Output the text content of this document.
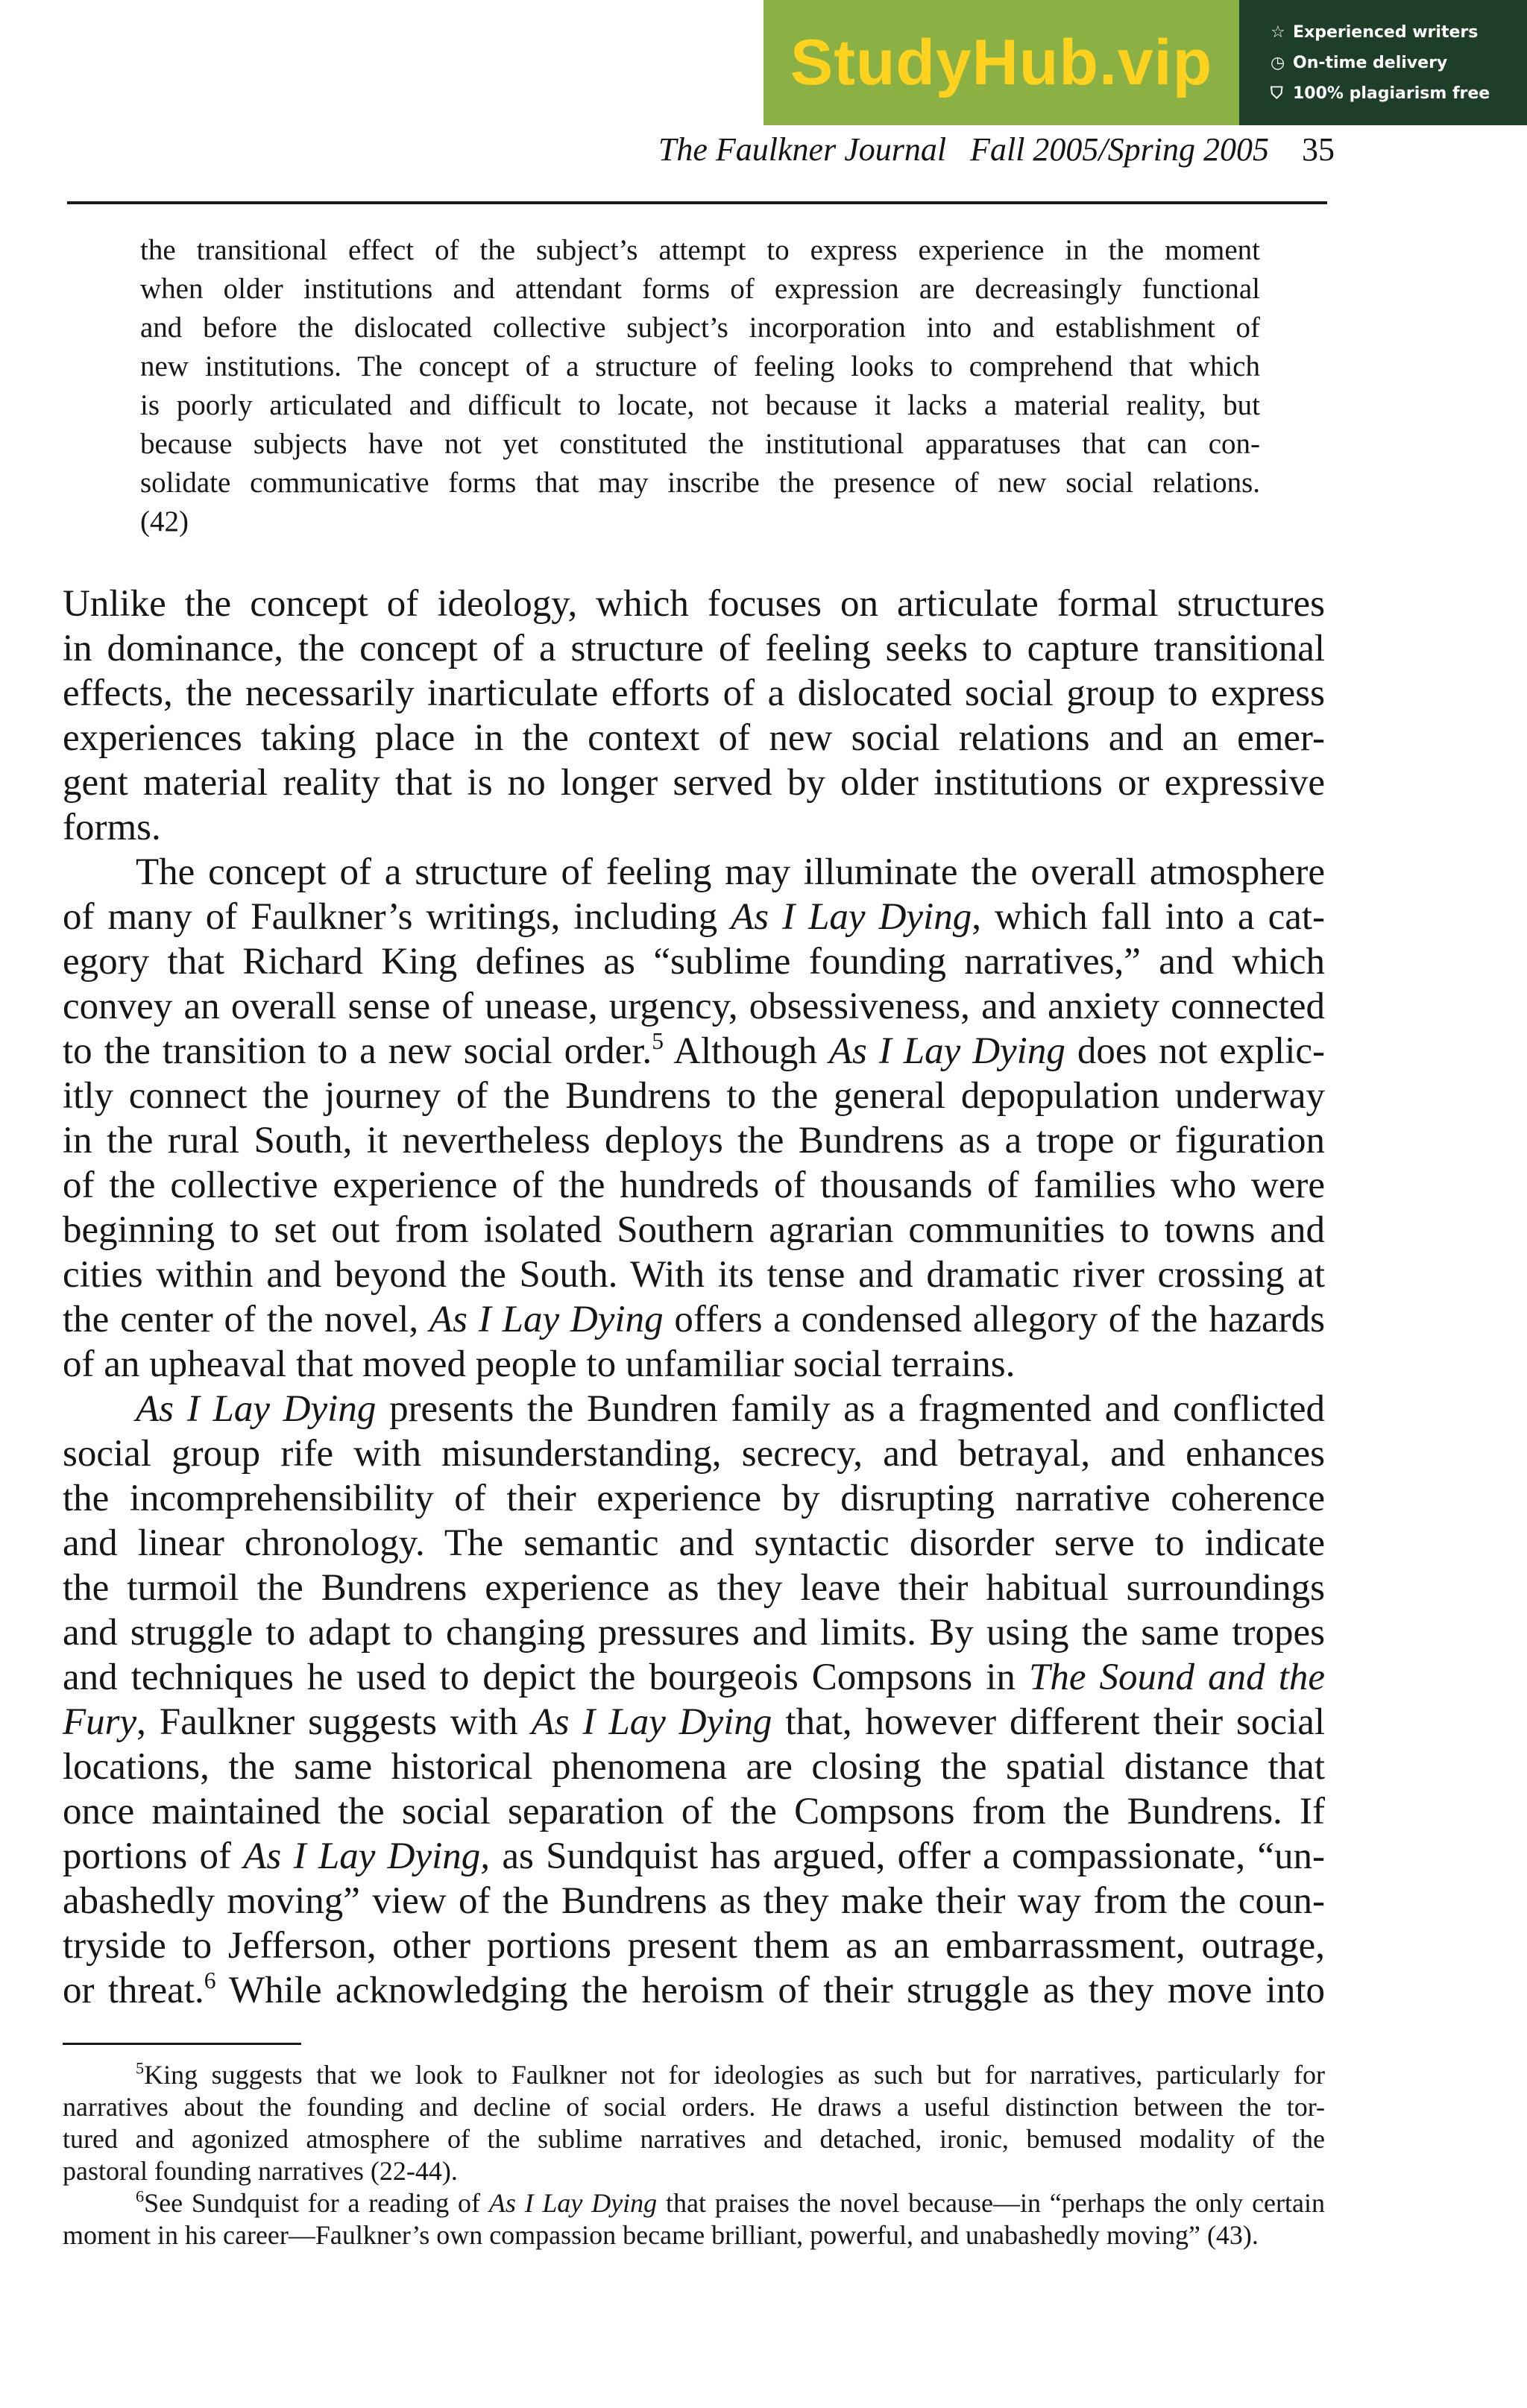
StudyHub.vip	☆ Experienced writers
◷ On-time delivery
⛉ 100% plagiarism free
The Faulkner Journal Fall 2005/Spring 2005 35
the transitional effect of the subject’s attempt to express experience in the moment
when older institutions and attendant forms of expression are decreasingly functional
and before the dislocated collective subject’s incorporation into and establishment of
new institutions. The concept of a structure of feeling looks to comprehend that which
is poorly articulated and difficult to locate, not because it lacks a material reality, but
because subjects have not yet constituted the institutional apparatuses that can con-
solidate communicative forms that may inscribe the presence of new social relations.
(42)
Unlike the concept of ideology, which focuses on articulate formal structures
in dominance, the concept of a structure of feeling seeks to capture transitional
effects, the necessarily inarticulate efforts of a dislocated social group to express
experiences taking place in the context of new social relations and an emer-
gent material reality that is no longer served by older institutions or expressive
forms.
The concept of a structure of feeling may illuminate the overall atmosphere
of many of Faulkner’s writings, including As I Lay Dying, which fall into a cat-
egory that Richard King defines as “sublime founding narratives,” and which
convey an overall sense of unease, urgency, obsessiveness, and anxiety connected
to the transition to a new social order.$^5$ Although As I Lay Dying does not explic-
itly connect the journey of the Bundrens to the general depopulation underway
in the rural South, it nevertheless deploys the Bundrens as a trope or figuration
of the collective experience of the hundreds of thousands of families who were
beginning to set out from isolated Southern agrarian communities to towns and
cities within and beyond the South. With its tense and dramatic river crossing at
the center of the novel, As I Lay Dying offers a condensed allegory of the hazards
of an upheaval that moved people to unfamiliar social terrains.
As I Lay Dying presents the Bundren family as a fragmented and conflicted
social group rife with misunderstanding, secrecy, and betrayal, and enhances
the incomprehensibility of their experience by disrupting narrative coherence
and linear chronology. The semantic and syntactic disorder serve to indicate
the turmoil the Bundrens experience as they leave their habitual surroundings
and struggle to adapt to changing pressures and limits. By using the same tropes
and techniques he used to depict the bourgeois Compsons in The Sound and the
Fury, Faulkner suggests with As I Lay Dying that, however different their social
locations, the same historical phenomena are closing the spatial distance that
once maintained the social separation of the Compsons from the Bundrens. If
portions of As I Lay Dying, as Sundquist has argued, offer a compassionate, “un-
abashedly moving” view of the Bundrens as they make their way from the coun-
tryside to Jefferson, other portions present them as an embarrassment, outrage,
or threat.$^6$ While acknowledging the heroism of their struggle as they move into
$^5$King suggests that we look to Faulkner not for ideologies as such but for narratives, particularly for
narratives about the founding and decline of social orders. He draws a useful distinction between the tor-
tured and agonized atmosphere of the sublime narratives and detached, ironic, bemused modality of the
pastoral founding narratives (22-44).
$^6$See Sundquist for a reading of As I Lay Dying that praises the novel because—in “perhaps the only certain
moment in his career—Faulkner’s own compassion became brilliant, powerful, and unabashedly moving” (43).
